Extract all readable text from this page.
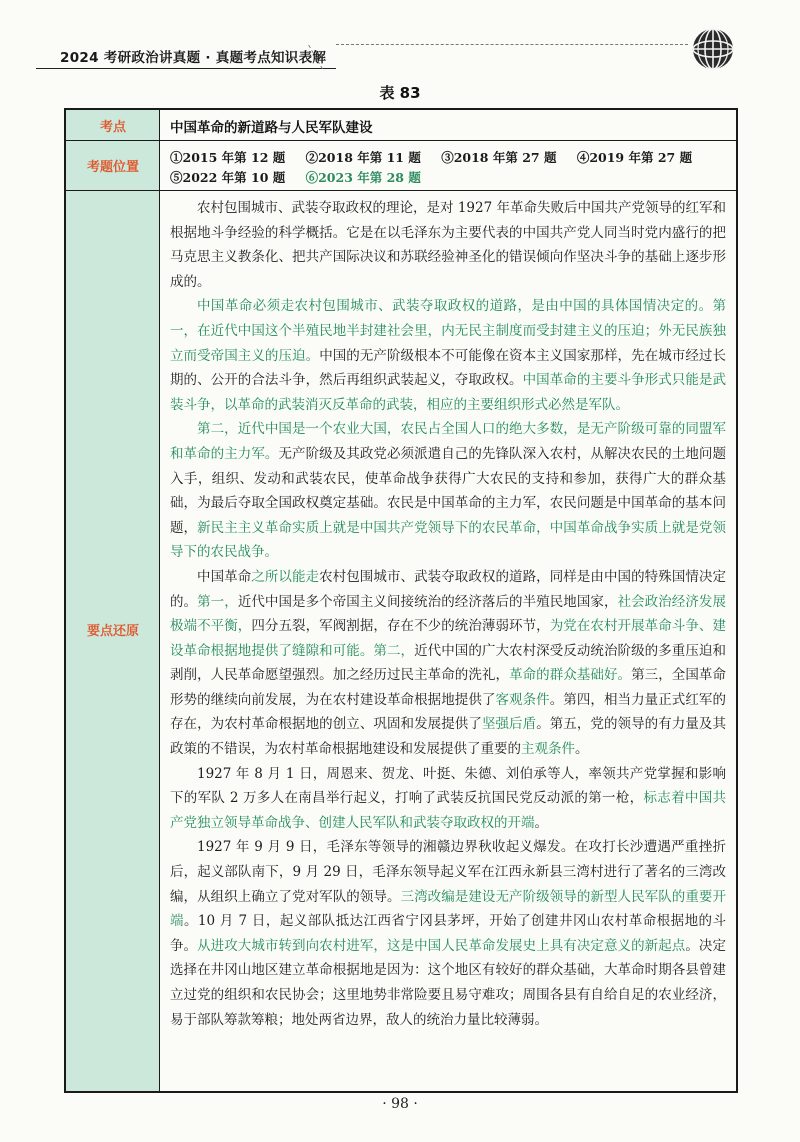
2024 考研政治讲真题 · 真题考点知识表解
表 83
考点
考题位置
要点还原
中国革命的新道路与人民军队建设
①2015 年第 12 题 ②2018 年第 11 题 ③2018 年第 27 题 ④2019 年第 27 题
⑤2022 年第 10 题 ⑥2023 年第 28 题

农村包围城市、武装夺取政权的理论，是对 1927 年革命失败后中国共产党领导的红军和根据地斗争经验的科学概括。它是在以毛泽东为主要代表的中国共产党人同当时党内盛行的把马克思主义教条化、把共产国际决议和苏联经验神圣化的错误倾向作坚决斗争的基础上逐步形成的。

中国革命必须走农村包围城市、武装夺取政权的道路，是由中国的具体国情决定的。第一，在近代中国这个半殖民地半封建社会里，内无民主制度而受封建主义的压迫；外无民族独立而受帝国主义的压迫。中国的无产阶级根本不可能像在资本主义国家那样，先在城市经过长期的、公开的合法斗争，然后再组织武装起义，夺取政权。中国革命的主要斗争形式只能是武装斗争，以革命的武装消灭反革命的武装，相应的主要组织形式必然是军队。

第二，近代中国是一个农业大国，农民占全国人口的绝大多数，是无产阶级可靠的同盟军和革命的主力军。无产阶级及其政党必须派遣自己的先锋队深入农村，从解决农民的土地问题入手，组织、发动和武装农民，使革命战争获得广大农民的支持和参加，获得广大的群众基础，为最后夺取全国政权奠定基础。农民是中国革命的主力军，农民问题是中国革命的基本问题，新民主主义革命实质上就是中国共产党领导下的农民革命，中国革命战争实质上就是党领导下的农民战争。

中国革命之所以能走农村包围城市、武装夺取政权的道路，同样是由中国的特殊国情决定的。第一，近代中国是多个帝国主义间接统治的经济落后的半殖民地国家，社会政治经济发展极端不平衡，四分五裂，军阀割据，存在不少的统治薄弱环节，为党在农村开展革命斗争、建设革命根据地提供了缝隙和可能。第二，近代中国的广大农村深受反动统治阶级的多重压迫和剥削，人民革命愿望强烈。加之经历过民主革命的洗礼，革命的群众基础好。第三，全国革命形势的继续向前发展，为在农村建设革命根据地提供了客观条件。第四，相当力量正式红军的存在，为农村革命根据地的创立、巩固和发展提供了坚强后盾。第五，党的领导的有力量及其政策的不错误，为农村革命根据地建设和发展提供了重要的主观条件。

1927 年 8 月 1 日，周恩来、贺龙、叶挺、朱德、刘伯承等人，率领共产党掌握和影响下的军队 2 万多人在南昌举行起义，打响了武装反抗国民党反动派的第一枪，标志着中国共产党独立领导革命战争、创建人民军队和武装夺取政权的开端。

1927 年 9 月 9 日，毛泽东等领导的湘赣边界秋收起义爆发。在攻打长沙遭遇严重挫折后，起义部队南下，9 月 29 日，毛泽东领导起义军在江西永新县三湾村进行了著名的三湾改编，从组织上确立了党对军队的领导。三湾改编是建设无产阶级领导的新型人民军队的重要开端。10 月 7 日，起义部队抵达江西省宁冈县茅坪，开始了创建井冈山农村革命根据地的斗争。从进攻大城市转到向农村进军，这是中国人民革命发展史上具有决定意义的新起点。决定选择在井冈山地区建立革命根据地是因为：这个地区有较好的群众基础，大革命时期各县曾建立过党的组织和农民协会；这里地势非常险要且易守难攻；周围各县有自给自足的农业经济，易于部队筹款筹粮；地处两省边界，敌人的统治力量比较薄弱。

· 98 ·
